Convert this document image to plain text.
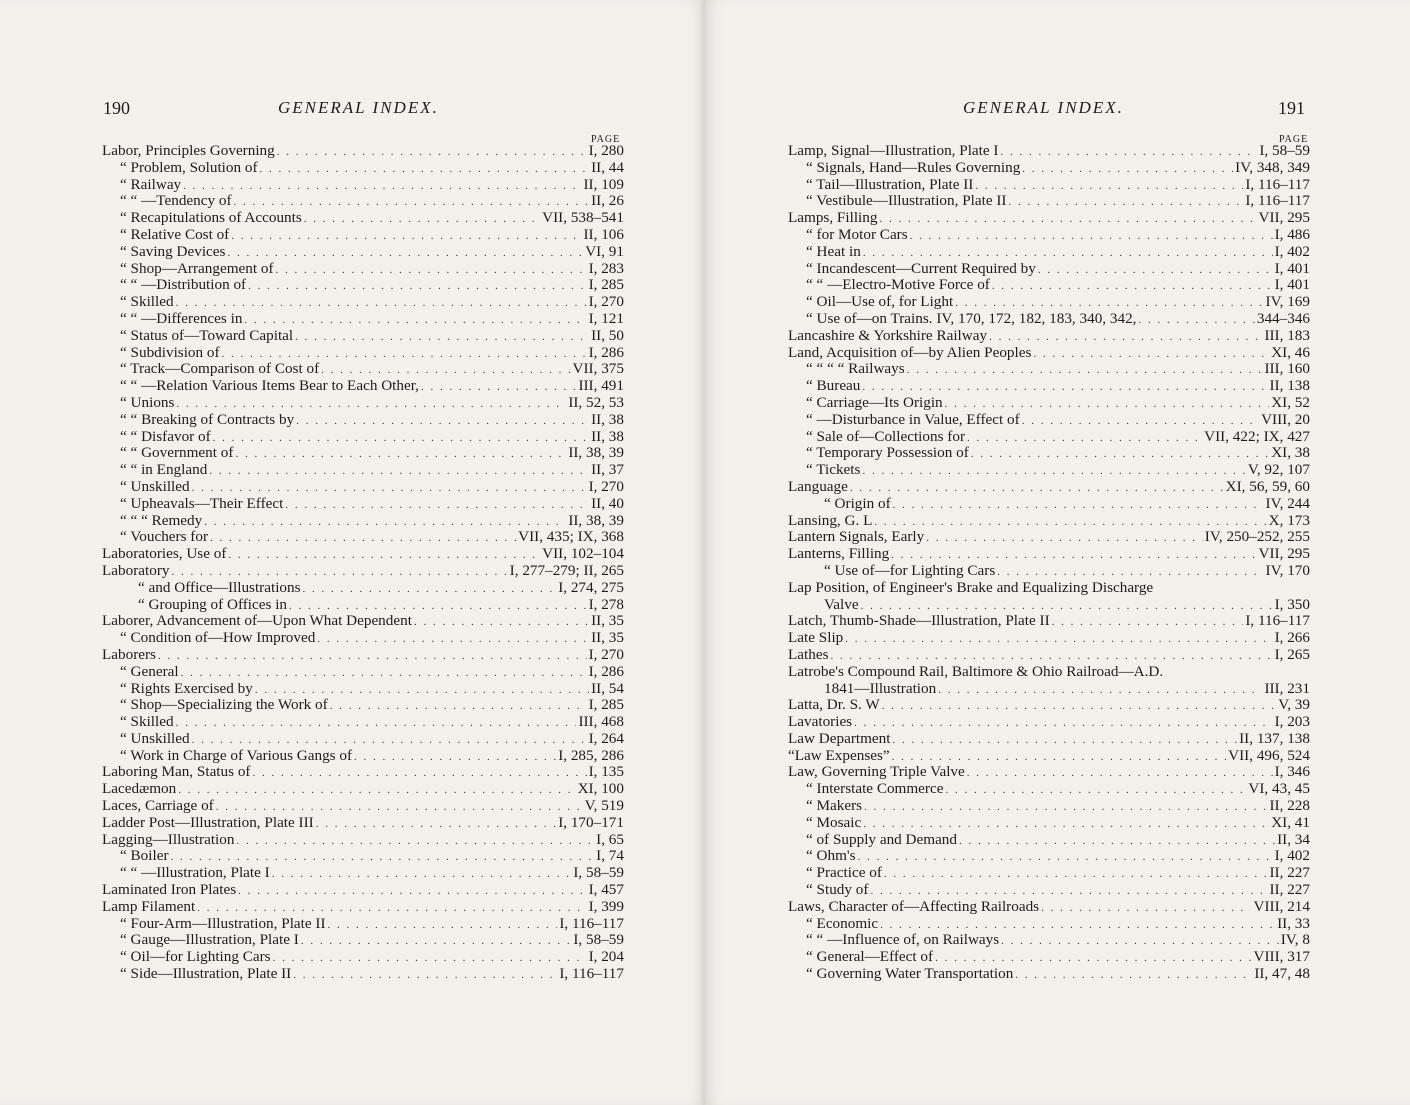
190	GENERAL INDEX.
PAGE
Labor, Principles Governing . . .	I, 280
“ Problem, Solution of . . .	II, 44
“ Railway . . .	II, 109
“ “ —Tendency of . . .	II, 26
“ Recapitulations of Accounts . . .	VII, 538–541
“ Relative Cost of . . .	II, 106
“ Saving Devices . . .	VI, 91
“ Shop—Arrangement of . . .	I, 283
“ “ —Distribution of . . .	I, 285
“ Skilled . . .	I, 270
“ “ —Differences in . . .	I, 121
“ Status of—Toward Capital . . .	II, 50
“ Subdivision of . . .	I, 286
“ Track—Comparison of Cost of . . .	VII, 375
“ “ —Relation Various Items Bear to Each Other, . . .	III, 491
“ Unions . . .	II, 52, 53
“ “ Breaking of Contracts by . . .	II, 38
“ “ Disfavor of . . .	II, 38
“ “ Government of . . .	II, 38, 39
“ “ in England . . .	II, 37
“ Unskilled . . .	I, 270
“ Upheavals—Their Effect . . .	II, 40
“ “ “ Remedy . . .	II, 38, 39
“ Vouchers for . . .	VII, 435; IX, 368
Laboratories, Use of . . .	VII, 102–104
Laboratory . . .	I, 277–279; II, 265
“ and Office—Illustrations . . .	I, 274, 275
“ Grouping of Offices in . . .	I, 278
Laborer, Advancement of—Upon What Dependent . . .	II, 35
“ Condition of—How Improved . . .	II, 35
Laborers . . .	I, 270
“ General . . .	I, 286
“ Rights Exercised by . . .	II, 54
“ Shop—Specializing the Work of . . .	I, 285
“ Skilled . . .	III, 468
“ Unskilled . . .	I, 264
“ Work in Charge of Various Gangs of . . .	I, 285, 286
Laboring Man, Status of . . .	I, 135
Lacedæmon . . .	XI, 100
Laces, Carriage of . . .	V, 519
Ladder Post—Illustration, Plate III . . .	I, 170–171
Lagging—Illustration . . .	I, 65
“ Boiler . . .	I, 74
“ “ —Illustration, Plate I . . .	I, 58–59
Laminated Iron Plates . . .	I, 457
Lamp Filament . . .	I, 399
“ Four-Arm—Illustration, Plate II . . .	I, 116–117
“ Gauge—Illustration, Plate I . . .	I, 58–59
“ Oil—for Lighting Cars . . .	I, 204
“ Side—Illustration, Plate II . . .	I, 116–117
GENERAL INDEX.	191
PAGE
Lamp, Signal—Illustration, Plate I . . .	I, 58–59
“ Signals, Hand—Rules Governing . . .	IV, 348, 349
“ Tail—Illustration, Plate II . . .	I, 116–117
“ Vestibule—Illustration, Plate II . . .	I, 116–117
Lamps, Filling . . .	VII, 295
“ for Motor Cars . . .	I, 486
“ Heat in . . .	I, 402
“ Incandescent—Current Required by . . .	I, 401
“ “ —Electro-Motive Force of . . .	I, 401
“ Oil—Use of, for Light . . .	IV, 169
“ Use of—on Trains. IV, 170, 172, 182, 183, 340, 342, . . .	344–346
Lancashire & Yorkshire Railway . . .	III, 183
Land, Acquisition of—by Alien Peoples . . .	XI, 46
“ “ “ “ Railways . . .	III, 160
“ Bureau . . .	II, 138
“ Carriage—Its Origin . . .	XI, 52
“ —Disturbance in Value, Effect of . . .	VIII, 20
“ Sale of—Collections for . . .	VII, 422; IX, 427
“ Temporary Possession of . . .	XI, 38
“ Tickets . . .	V, 92, 107
Language . . .	XI, 56, 59, 60
“ Origin of . . .	IV, 244
Lansing, G. L . . .	X, 173
Lantern Signals, Early . . .	IV, 250–252, 255
Lanterns, Filling . . .	VII, 295
“ Use of—for Lighting Cars . . .	IV, 170
Lap Position, of Engineer's Brake and Equalizing Discharge
Valve . . .	I, 350
Latch, Thumb-Shade—Illustration, Plate II . . .	I, 116–117
Late Slip . . .	I, 266
Lathes . . .	I, 265
Latrobe's Compound Rail, Baltimore & Ohio Railroad—A.D.
1841—Illustration . . .	III, 231
Latta, Dr. S. W . . .	V, 39
Lavatories . . .	I, 203
Law Department . . .	II, 137, 138
“Law Expenses” . . .	VII, 496, 524
Law, Governing Triple Valve . . .	I, 346
“ Interstate Commerce . . .	VI, 43, 45
“ Makers . . .	II, 228
“ Mosaic . . .	XI, 41
“ of Supply and Demand . . .	II, 34
“ Ohm's . . .	I, 402
“ Practice of . . .	II, 227
“ Study of . . .	II, 227
Laws, Character of—Affecting Railroads . . .	VIII, 214
“ Economic . . .	II, 33
“ “ —Influence of, on Railways . . .	IV, 8
“ General—Effect of . . .	VIII, 317
“ Governing Water Transportation . . .	II, 47, 48
